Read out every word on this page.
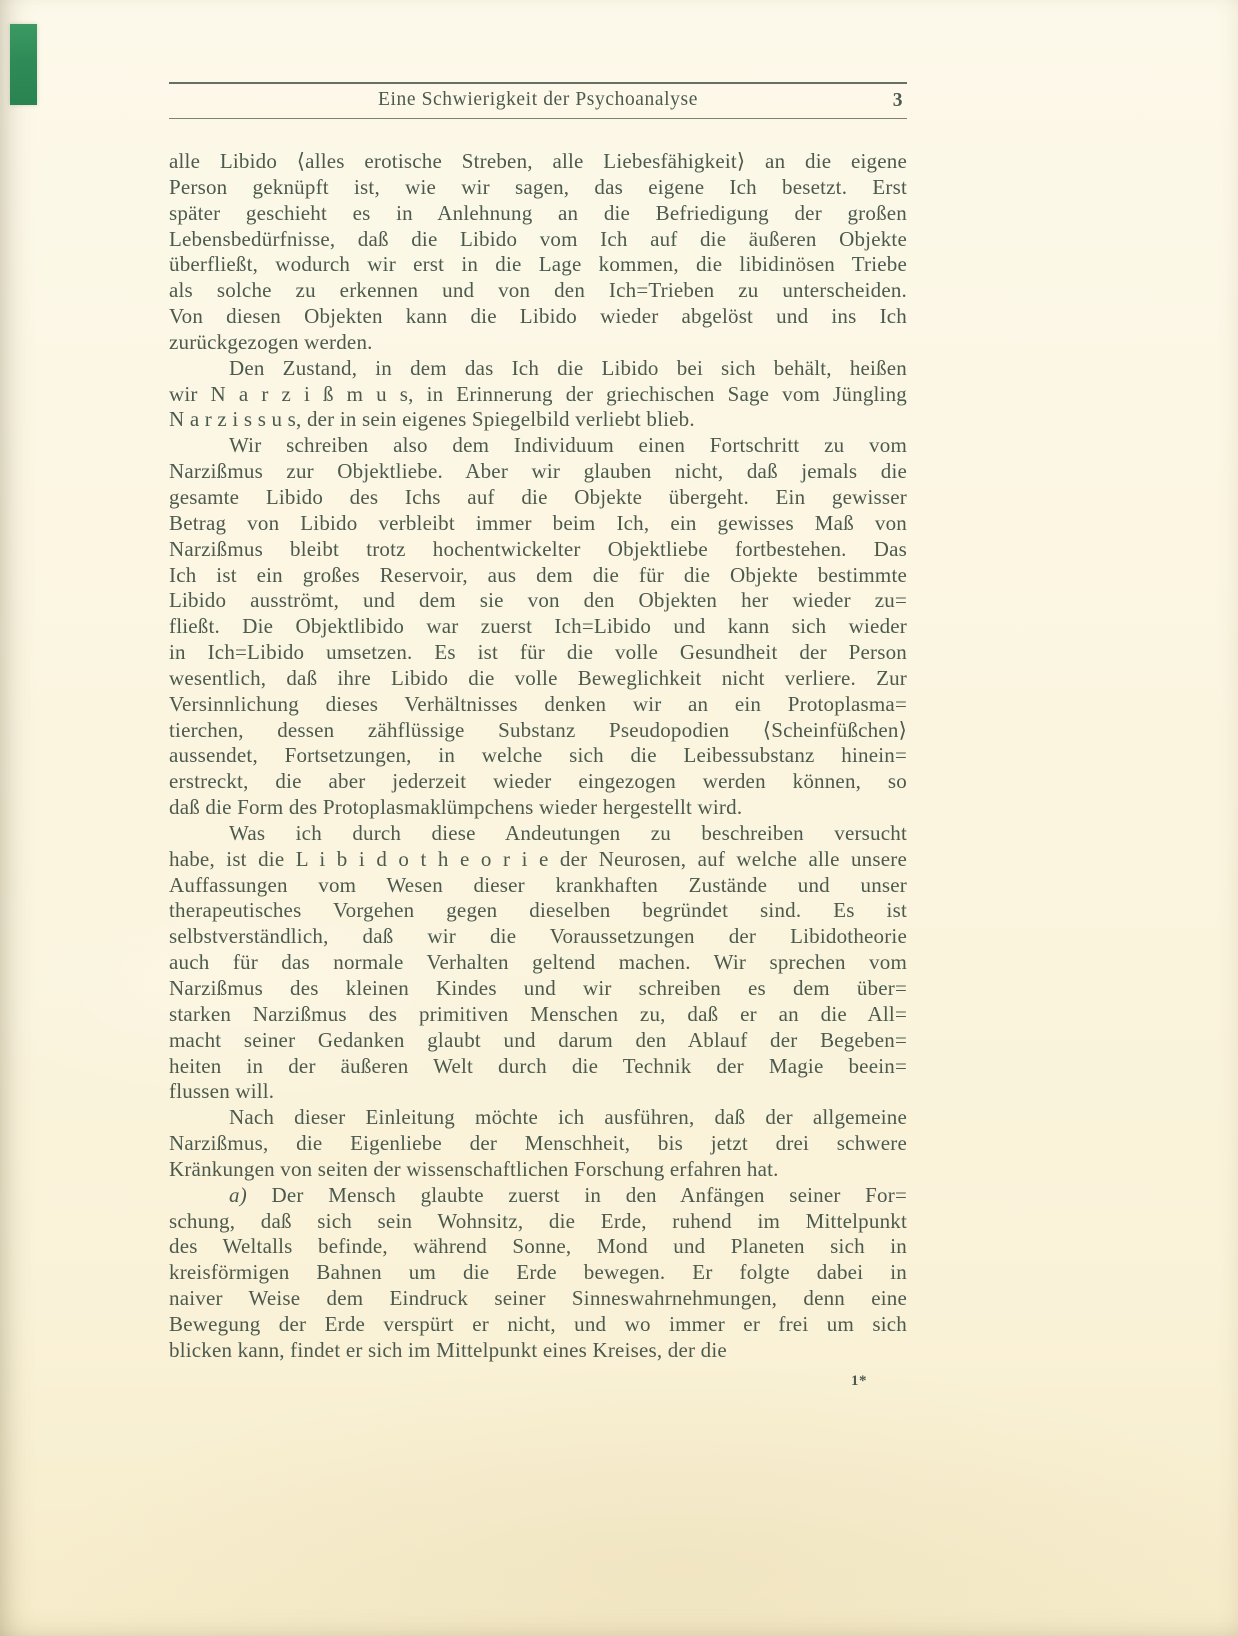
Eine Schwierigkeit der Psychoanalyse	3
alle Libido ⟨alles erotische Streben, alle Liebesfähigkeit⟩ an die eigene
Person geknüpft ist, wie wir sagen, das eigene Ich besetzt. Erst
später geschieht es in Anlehnung an die Befriedigung der großen
Lebensbedürfnisse, daß die Libido vom Ich auf die äußeren Objekte
überfließt, wodurch wir erst in die Lage kommen, die libidinösen Triebe
als solche zu erkennen und von den Ich=Trieben zu unterscheiden.
Von diesen Objekten kann die Libido wieder abgelöst und ins Ich
zurückgezogen werden.
Den Zustand, in dem das Ich die Libido bei sich behält, heißen
wir N a r z i ß m u s, in Erinnerung der griechischen Sage vom Jüngling
N a r z i s s u s, der in sein eigenes Spiegelbild verliebt blieb.
Wir schreiben also dem Individuum einen Fortschritt zu vom
Narzißmus zur Objektliebe. Aber wir glauben nicht, daß jemals die
gesamte Libido des Ichs auf die Objekte übergeht. Ein gewisser
Betrag von Libido verbleibt immer beim Ich, ein gewisses Maß von
Narzißmus bleibt trotz hochentwickelter Objektliebe fortbestehen. Das
Ich ist ein großes Reservoir, aus dem die für die Objekte bestimmte
Libido ausströmt, und dem sie von den Objekten her wieder zu=
fließt. Die Objektlibido war zuerst Ich=Libido und kann sich wieder
in Ich=Libido umsetzen. Es ist für die volle Gesundheit der Person
wesentlich, daß ihre Libido die volle Beweglichkeit nicht verliere. Zur
Versinnlichung dieses Verhältnisses denken wir an ein Protoplasma=
tierchen, dessen zähflüssige Substanz Pseudopodien ⟨Scheinfüßchen⟩
aussendet, Fortsetzungen, in welche sich die Leibessubstanz hinein=
erstreckt, die aber jederzeit wieder eingezogen werden können, so
daß die Form des Protoplasmaklümpchens wieder hergestellt wird.
Was ich durch diese Andeutungen zu beschreiben versucht
habe, ist die L i b i d o t h e o r i e der Neurosen, auf welche alle unsere
Auffassungen vom Wesen dieser krankhaften Zustände und unser
therapeutisches Vorgehen gegen dieselben begründet sind. Es ist
selbstverständlich, daß wir die Voraussetzungen der Libidotheorie
auch für das normale Verhalten geltend machen. Wir sprechen vom
Narzißmus des kleinen Kindes und wir schreiben es dem über=
starken Narzißmus des primitiven Menschen zu, daß er an die All=
macht seiner Gedanken glaubt und darum den Ablauf der Begeben=
heiten in der äußeren Welt durch die Technik der Magie beein=
flussen will.
Nach dieser Einleitung möchte ich ausführen, daß der allgemeine
Narzißmus, die Eigenliebe der Menschheit, bis jetzt drei schwere
Kränkungen von seiten der wissenschaftlichen Forschung erfahren hat.
a) Der Mensch glaubte zuerst in den Anfängen seiner For=
schung, daß sich sein Wohnsitz, die Erde, ruhend im Mittelpunkt
des Weltalls befinde, während Sonne, Mond und Planeten sich in
kreisförmigen Bahnen um die Erde bewegen. Er folgte dabei in
naiver Weise dem Eindruck seiner Sinneswahrnehmungen, denn eine
Bewegung der Erde verspürt er nicht, und wo immer er frei um sich
blicken kann, findet er sich im Mittelpunkt eines Kreises, der die
1*
